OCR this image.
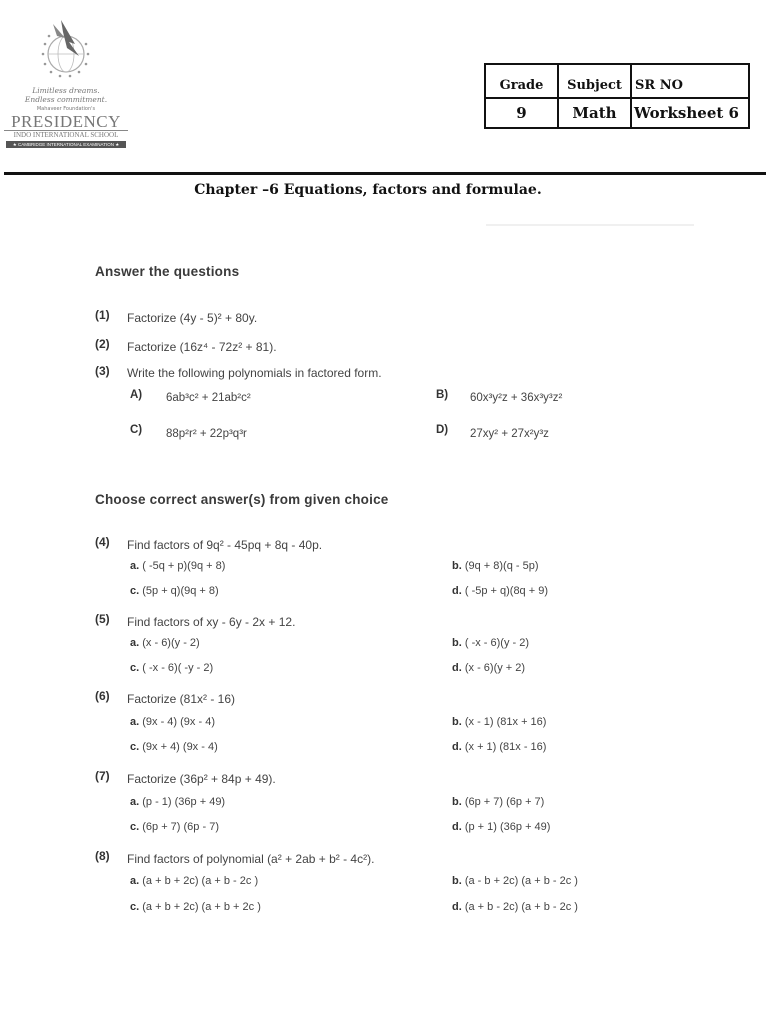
Limitless dreams.
Endless commitment.
Mahaveer Foundation's
PRESIDENCY
INDO INTERNATIONAL SCHOOL
★ CAMBRIDGE INTERNATIONAL EXAMINATION ★
Grade	Subject	SR NO
9	Math	Worksheet 6
Chapter –6 Equations, factors and formulae.
Answer the questions
(1) Factorize (4y - 5)² + 80y.
(2) Factorize (16z⁴ - 72z² + 81).
(3) Write the following polynomials in factored form.
A) 6ab³c² + 21ab²c²	B) 60x³y²z + 36x³y³z²
C) 88p²r² + 22p³q³r	D) 27xy² + 27x²y³z
Choose correct answer(s) from given choice
(4) Find factors of 9q² - 45pq + 8q - 40p.
a. ( -5q + p)(9q + 8)	b. (9q + 8)(q - 5p)
c. (5p + q)(9q + 8)	d. ( -5p + q)(8q + 9)
(5) Find factors of xy - 6y - 2x + 12.
a. (x - 6)(y - 2)	b. ( -x - 6)(y - 2)
c. ( -x - 6)( -y - 2)	d. (x - 6)(y + 2)
(6) Factorize (81x² - 16)
a. (9x - 4) (9x - 4)	b. (x - 1) (81x + 16)
c. (9x + 4) (9x - 4)	d. (x + 1) (81x - 16)
(7) Factorize (36p² + 84p + 49).
a. (p - 1) (36p + 49)	b. (6p + 7) (6p + 7)
c. (6p + 7) (6p - 7)	d. (p + 1) (36p + 49)
(8) Find factors of polynomial (a² + 2ab + b² - 4c²).
a. (a + b + 2c) (a + b - 2c )	b. (a - b + 2c) (a + b - 2c )
c. (a + b + 2c) (a + b + 2c )	d. (a + b - 2c) (a + b - 2c )
